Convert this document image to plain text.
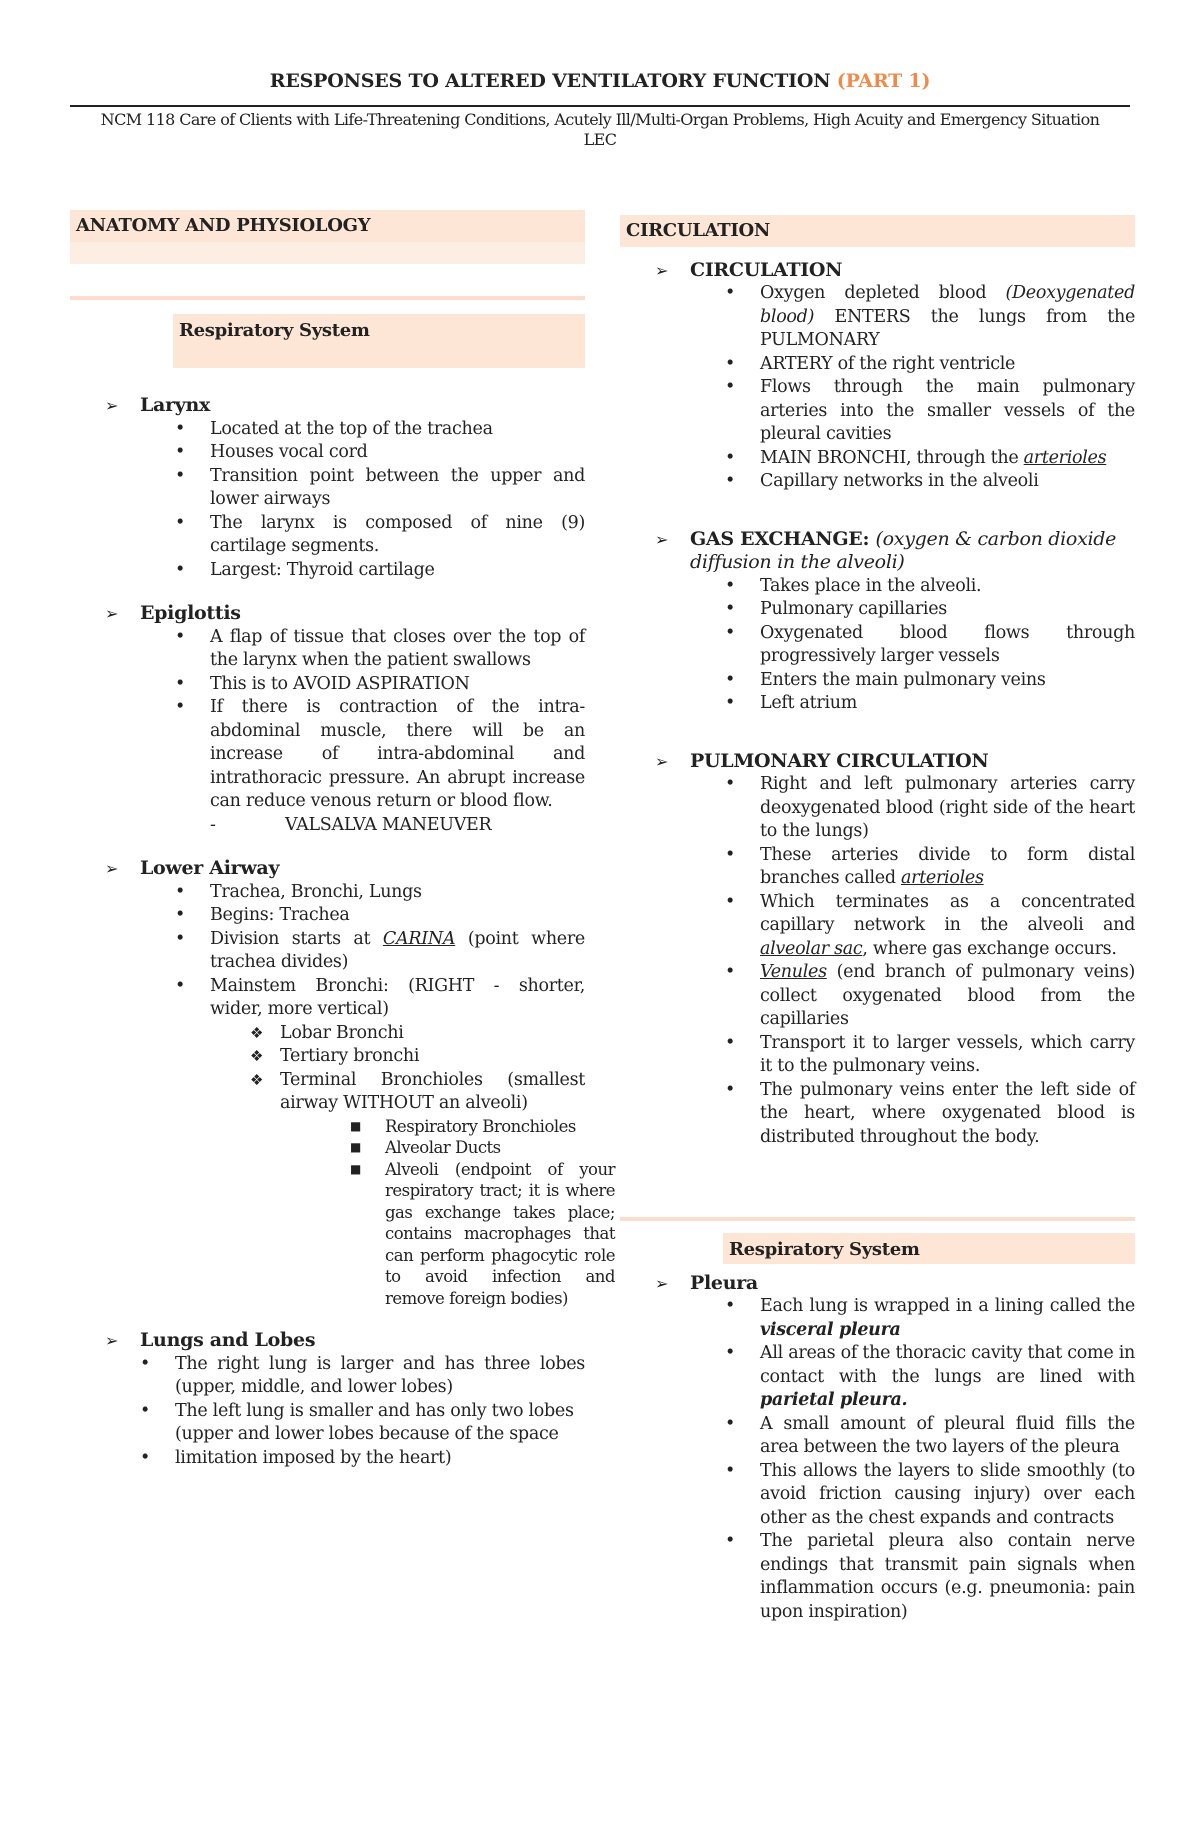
RESPONSES TO ALTERED VENTILATORY FUNCTION (PART 1)
NCM 118 Care of Clients with Life-Threatening Conditions, Acutely Ill/Multi-Organ Problems, High Acuity and Emergency Situation
LEC
ANATOMY AND PHYSIOLOGY
Respiratory System
➢ Larynx
• Located at the top of the trachea
• Houses vocal cord
• Transition point between the upper and lower airways
• The larynx is composed of nine (9) cartilage segments.
• Largest: Thyroid cartilage
➢ Epiglottis
• A flap of tissue that closes over the top of the larynx when the patient swallows
• This is to AVOID ASPIRATION
• If there is contraction of the intra-abdominal muscle, there will be an increase of intra-abdominal and intrathoracic pressure. An abrupt increase can reduce venous return or blood flow.
-	VALSALVA MANEUVER
➢ Lower Airway
• Trachea, Bronchi, Lungs
• Begins: Trachea
• Division starts at CARINA (point where trachea divides)
• Mainstem Bronchi: (RIGHT - shorter, wider, more vertical)
❖ Lobar Bronchi
❖ Tertiary bronchi
❖ Terminal Bronchioles (smallest airway WITHOUT an alveoli)
■ Respiratory Bronchioles
■ Alveolar Ducts
■ Alveoli (endpoint of your respiratory tract; it is where gas exchange takes place; contains macrophages that can perform phagocytic role to avoid infection and remove foreign bodies)
➢ Lungs and Lobes
• The right lung is larger and has three lobes (upper, middle, and lower lobes)
• The left lung is smaller and has only two lobes (upper and lower lobes because of the space
• limitation imposed by the heart)
CIRCULATION
➢ CIRCULATION
• Oxygen depleted blood (Deoxygenated blood) ENTERS the lungs from the PULMONARY
• ARTERY of the right ventricle
• Flows through the main pulmonary arteries into the smaller vessels of the pleural cavities
• MAIN BRONCHI, through the arterioles
• Capillary networks in the alveoli
➢ GAS EXCHANGE: (oxygen & carbon dioxide diffusion in the alveoli)
• Takes place in the alveoli.
• Pulmonary capillaries
• Oxygenated blood flows through progressively larger vessels
• Enters the main pulmonary veins
• Left atrium
➢ PULMONARY CIRCULATION
• Right and left pulmonary arteries carry deoxygenated blood (right side of the heart to the lungs)
• These arteries divide to form distal branches called arterioles
• Which terminates as a concentrated capillary network in the alveoli and alveolar sac, where gas exchange occurs.
• Venules (end branch of pulmonary veins) collect oxygenated blood from the capillaries
• Transport it to larger vessels, which carry it to the pulmonary veins.
• The pulmonary veins enter the left side of the heart, where oxygenated blood is distributed throughout the body.
Respiratory System
➢ Pleura
• Each lung is wrapped in a lining called the visceral pleura
• All areas of the thoracic cavity that come in contact with the lungs are lined with parietal pleura.
• A small amount of pleural fluid fills the area between the two layers of the pleura
• This allows the layers to slide smoothly (to avoid friction causing injury) over each other as the chest expands and contracts
• The parietal pleura also contain nerve endings that transmit pain signals when inflammation occurs (e.g. pneumonia: pain upon inspiration)
